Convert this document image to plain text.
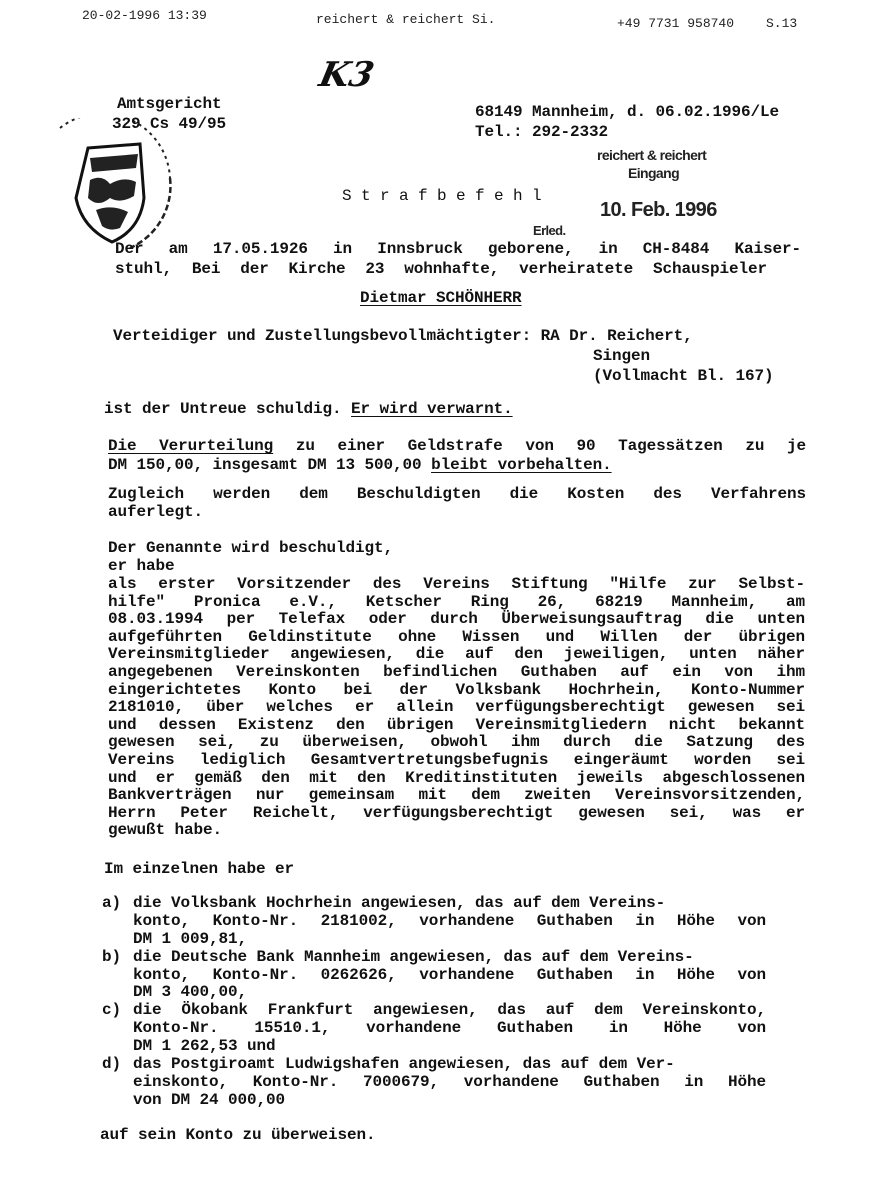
20-02-1996 13:39	reichert & reichert Si.	+49 7731 958740 S.13
K3
Amtsgericht
329 Cs 49/95
68149 Mannheim, d. 06.02.1996/Le
Tel.: 292-2332
reichert & reichert
Eingang
10. Feb. 1996
S t r a f b e f e h l
Erled.
Der am 17.05.1926 in Innsbruck geborene, in CH-8484 Kaiser-
stuhl, Bei der Kirche 23 wohnhafte, verheiratete Schauspieler
Dietmar SCHÖNHERR
Verteidiger und Zustellungsbevollmächtigter: RA Dr. Reichert,
Singen
(Vollmacht Bl. 167)
ist der Untreue schuldig. Er wird verwarnt.
Die Verurteilung zu einer Geldstrafe von 90 Tagessätzen zu je
DM 150,00, insgesamt DM 13 500,00 bleibt vorbehalten.
Zugleich werden dem Beschuldigten die Kosten des Verfahrens
auferlegt.
Der Genannte wird beschuldigt,
er habe
als erster Vorsitzender des Vereins Stiftung "Hilfe zur Selbst-
hilfe" Pronica e.V., Ketscher Ring 26, 68219 Mannheim, am
08.03.1994 per Telefax oder durch Überweisungsauftrag die unten
aufgeführten Geldinstitute ohne Wissen und Willen der übrigen
Vereinsmitglieder angewiesen, die auf den jeweiligen, unten näher
angegebenen Vereinskonten befindlichen Guthaben auf ein von ihm
eingerichtetes Konto bei der Volksbank Hochrhein, Konto-Nummer
2181010, über welches er allein verfügungsberechtigt gewesen sei
und dessen Existenz den übrigen Vereinsmitgliedern nicht bekannt
gewesen sei, zu überweisen, obwohl ihm durch die Satzung des
Vereins lediglich Gesamtvertretungsbefugnis eingeräumt worden sei
und er gemäß den mit den Kreditinstituten jeweils abgeschlossenen
Bankverträgen nur gemeinsam mit dem zweiten Vereinsvorsitzenden,
Herrn Peter Reichelt, verfügungsberechtigt gewesen sei, was er
gewußt habe.
Im einzelnen habe er
a) die Volksbank Hochrhein angewiesen, das auf dem Vereins-
konto, Konto-Nr. 2181002, vorhandene Guthaben in Höhe von
DM 1 009,81,
b) die Deutsche Bank Mannheim angewiesen, das auf dem Vereins-
konto, Konto-Nr. 0262626, vorhandene Guthaben in Höhe von
DM 3 400,00,
c) die Ökobank Frankfurt angewiesen, das auf dem Vereinskonto,
Konto-Nr. 15510.1, vorhandene Guthaben in Höhe von
DM 1 262,53 und
d) das Postgiroamt Ludwigshafen angewiesen, das auf dem Ver-
einskonto, Konto-Nr. 7000679, vorhandene Guthaben in Höhe
von DM 24 000,00
auf sein Konto zu überweisen.
